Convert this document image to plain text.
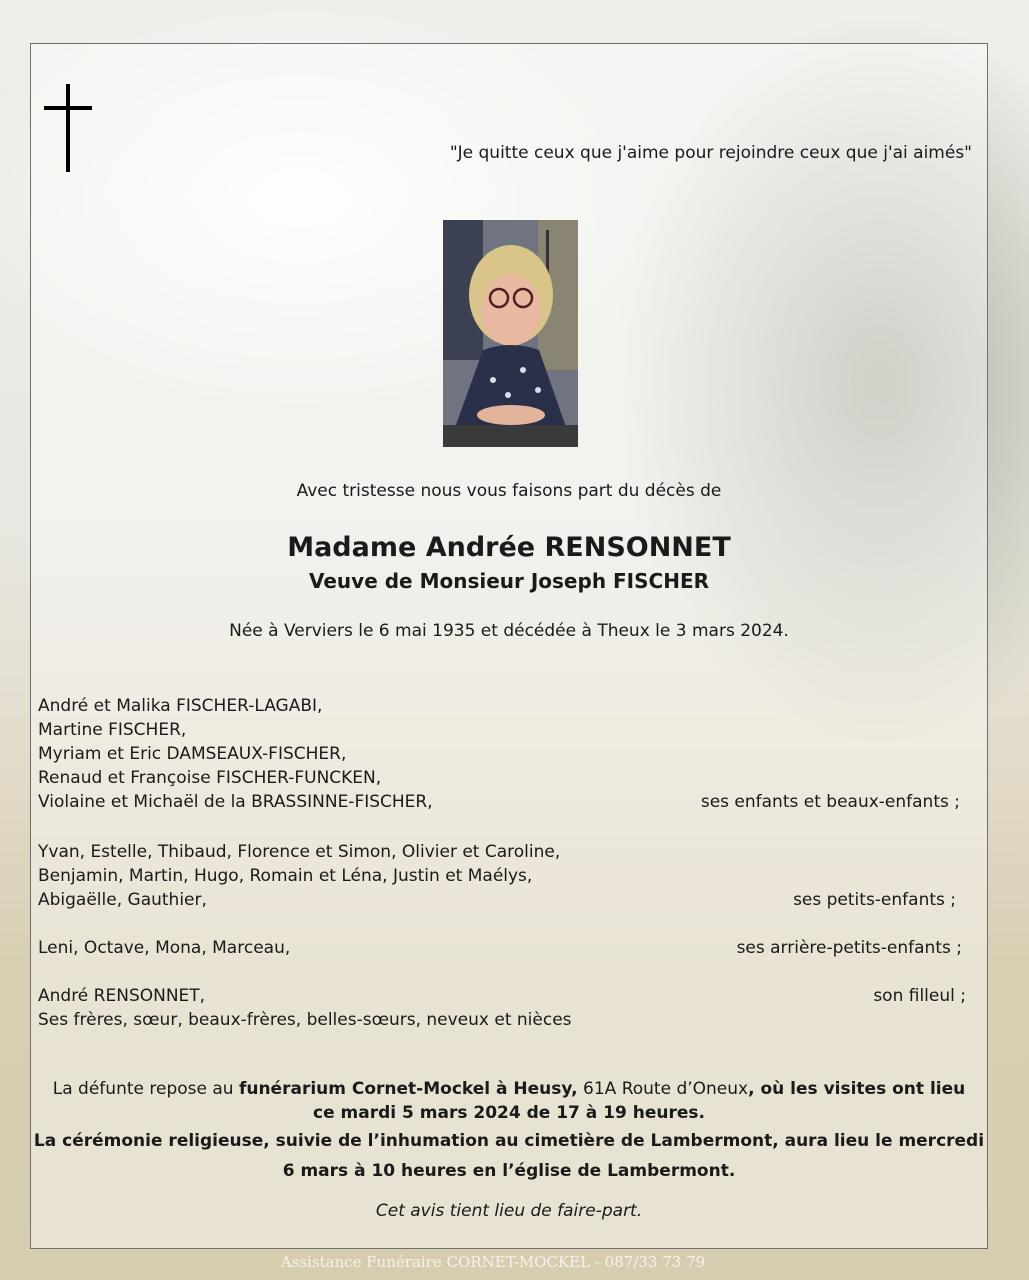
"Je quitte ceux que j'aime pour rejoindre ceux que j'ai aimés"
Avec tristesse nous vous faisons part du décès de
Madame Andrée RENSONNET
Veuve de Monsieur Joseph FISCHER
Née à Verviers le 6 mai 1935 et décédée à Theux le 3 mars 2024.
André et Malika FISCHER-LAGABI,
Martine FISCHER,
Myriam et Eric DAMSEAUX-FISCHER,
Renaud et Françoise FISCHER-FUNCKEN,
Violaine et Michaël de la BRASSINNE-FISCHER,	ses enfants et beaux-enfants ;
Yvan, Estelle, Thibaud, Florence et Simon, Olivier et Caroline,
Benjamin, Martin, Hugo, Romain et Léna, Justin et Maélys,
Abigaëlle, Gauthier,	ses petits-enfants ;
Leni, Octave, Mona, Marceau,	ses arrière-petits-enfants ;
André RENSONNET,	son filleul ;
Ses frères, sœur, beaux-frères, belles-sœurs, neveux et nièces
La défunte repose au funérarium Cornet-Mockel à Heusy, 61A Route d’Oneux, où les visites ont lieu
ce mardi 5 mars 2024 de 17 à 19 heures.
La cérémonie religieuse, suivie de l’inhumation au cimetière de Lambermont, aura lieu le mercredi
6 mars à 10 heures en l’église de Lambermont.
Cet avis tient lieu de faire-part.
Assistance Funéraire CORNET-MOCKEL - 087/33 73 79
